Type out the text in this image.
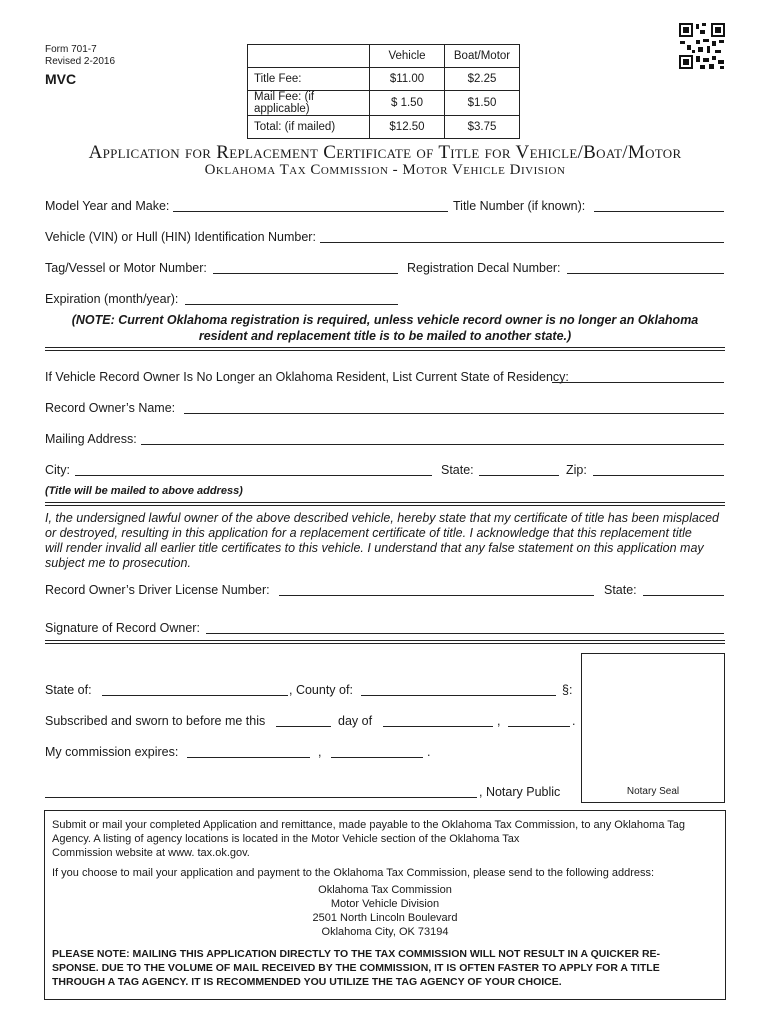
Form 701-7
Revised 2-2016
MVC
	Vehicle	Boat/Motor
Title Fee:	$11.00	$2.25
Mail Fee: (if applicable)	$ 1.50	$1.50
Total: (if mailed)	$12.50	$3.75
Application for Replacement Certificate of Title for Vehicle/Boat/Motor
Oklahoma Tax Commission - Motor Vehicle Division
Model Year and Make:	Title Number (if known):
Vehicle (VIN) or Hull (HIN) Identification Number:
Tag/Vessel or Motor Number:	Registration Decal Number:
Expiration (month/year):
(NOTE: Current Oklahoma registration is required, unless vehicle record owner is no longer an Oklahoma
resident and replacement title is to be mailed to another state.)
If Vehicle Record Owner Is No Longer an Oklahoma Resident, List Current State of Residency:
Record Owner’s Name:
Mailing Address:
City:	State:	Zip:
(Title will be mailed to above address)
I, the undersigned lawful owner of the above described vehicle, hereby state that my certificate of title has been misplaced
or destroyed, resulting in this application for a replacement certificate of title. I acknowledge that this replacement title
will render invalid all earlier title certificates to this vehicle. I understand that any false statement on this application may
subject me to prosecution.
Record Owner’s Driver License Number:	State:
Signature of Record Owner:
State of:	, County of:	§:
Subscribed and sworn to before me this	day of	,	.
My commission expires:	,	.
, Notary Public	Notary Seal
Submit or mail your completed Application and remittance, made payable to the Oklahoma Tax Commission, to any Oklahoma Tag
Agency. A listing of agency locations is located in the Motor Vehicle section of the Oklahoma Tax
Commission website at www. tax.ok.gov.
If you choose to mail your application and payment to the Oklahoma Tax Commission, please send to the following address:
Oklahoma Tax Commission
Motor Vehicle Division
2501 North Lincoln Boulevard
Oklahoma City, OK 73194
PLEASE NOTE: MAILING THIS APPLICATION DIRECTLY TO THE TAX COMMISSION WILL NOT RESULT IN A QUICKER RE-
SPONSE. DUE TO THE VOLUME OF MAIL RECEIVED BY THE COMMISSION, IT IS OFTEN FASTER TO APPLY FOR A TITLE
THROUGH A TAG AGENCY. IT IS RECOMMENDED YOU UTILIZE THE TAG AGENCY OF YOUR CHOICE.
